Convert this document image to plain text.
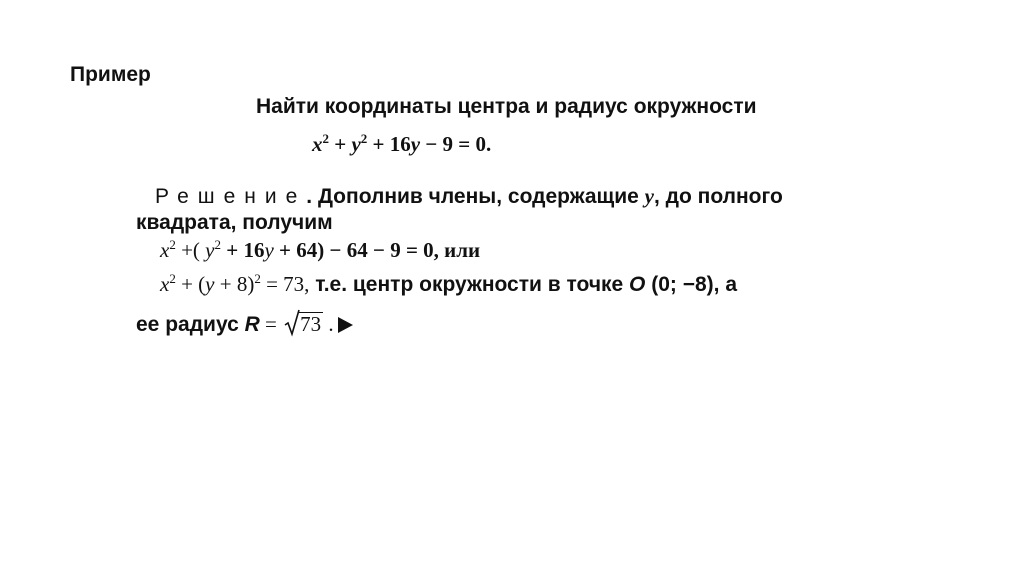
Пример
Найти координаты центра и радиус окружности
$x^2 + y^2 + 16y - 9 = 0$.
Решение. Дополнив члены, содержащие y, до полного
квадрата, получим
$x^2$ +( $y^2 + 16y + 64) - 64 - 9 = 0$, или
$x^2 + (y + 8)^2 = 73$, т.е. центр окружности в точке O (0; −8), а
ее радиус R =
73 .
